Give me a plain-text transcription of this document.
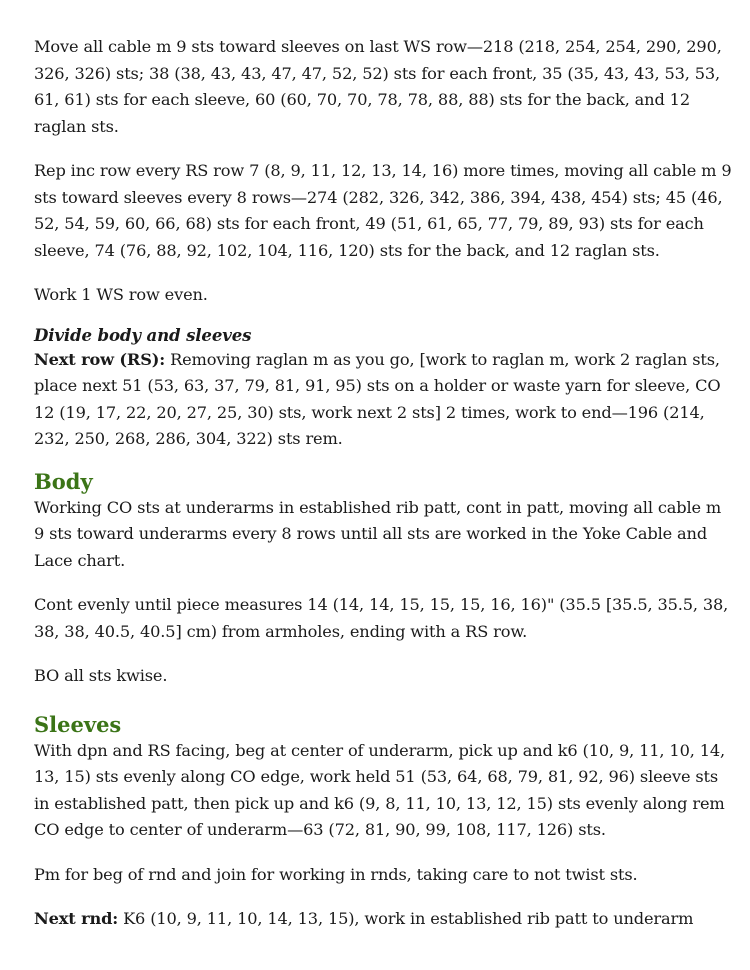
Move all cable m 9 sts toward sleeves on last WS row—218 (218, 254, 254, 290, 290, 326, 326) sts; 38 (38, 43, 43, 47, 47, 52, 52) sts for each front, 35 (35, 43, 43, 53, 53, 61, 61) sts for each sleeve, 60 (60, 70, 70, 78, 78, 88, 88) sts for the back, and 12 raglan sts.

Rep inc row every RS row 7 (8, 9, 11, 12, 13, 14, 16) more times, moving all cable m 9 sts toward sleeves every 8 rows—274 (282, 326, 342, 386, 394, 438, 454) sts; 45 (46, 52, 54, 59, 60, 66, 68) sts for each front, 49 (51, 61, 65, 77, 79, 89, 93) sts for each sleeve, 74 (76, 88, 92, 102, 104, 116, 120) sts for the back, and 12 raglan sts.

Work 1 WS row even.

Divide body and sleeves

Next row (RS): Removing raglan m as you go, [work to raglan m, work 2 raglan sts, place next 51 (53, 63, 37, 79, 81, 91, 95) sts on a holder or waste yarn for sleeve, CO 12 (19, 17, 22, 20, 27, 25, 30) sts, work next 2 sts] 2 times, work to end—196 (214, 232, 250, 268, 286, 304, 322) sts rem.

Body

Working CO sts at underarms in established rib patt, cont in patt, moving all cable m 9 sts toward underarms every 8 rows until all sts are worked in the Yoke Cable and Lace chart.

Cont evenly until piece measures 14 (14, 14, 15, 15, 15, 16, 16)" (35.5 [35.5, 35.5, 38, 38, 38, 40.5, 40.5] cm) from armholes, ending with a RS row.

BO all sts kwise.

Sleeves

With dpn and RS facing, beg at center of underarm, pick up and k6 (10, 9, 11, 10, 14, 13, 15) sts evenly along CO edge, work held 51 (53, 64, 68, 79, 81, 92, 96) sleeve sts in established patt, then pick up and k6 (9, 8, 11, 10, 13, 12, 15) sts evenly along rem CO edge to center of underarm—63 (72, 81, 90, 99, 108, 117, 126) sts.

Pm for beg of rnd and join for working in rnds, taking care to not twist sts.

Next rnd: K6 (10, 9, 11, 10, 14, 13, 15), work in established rib patt to underarm
